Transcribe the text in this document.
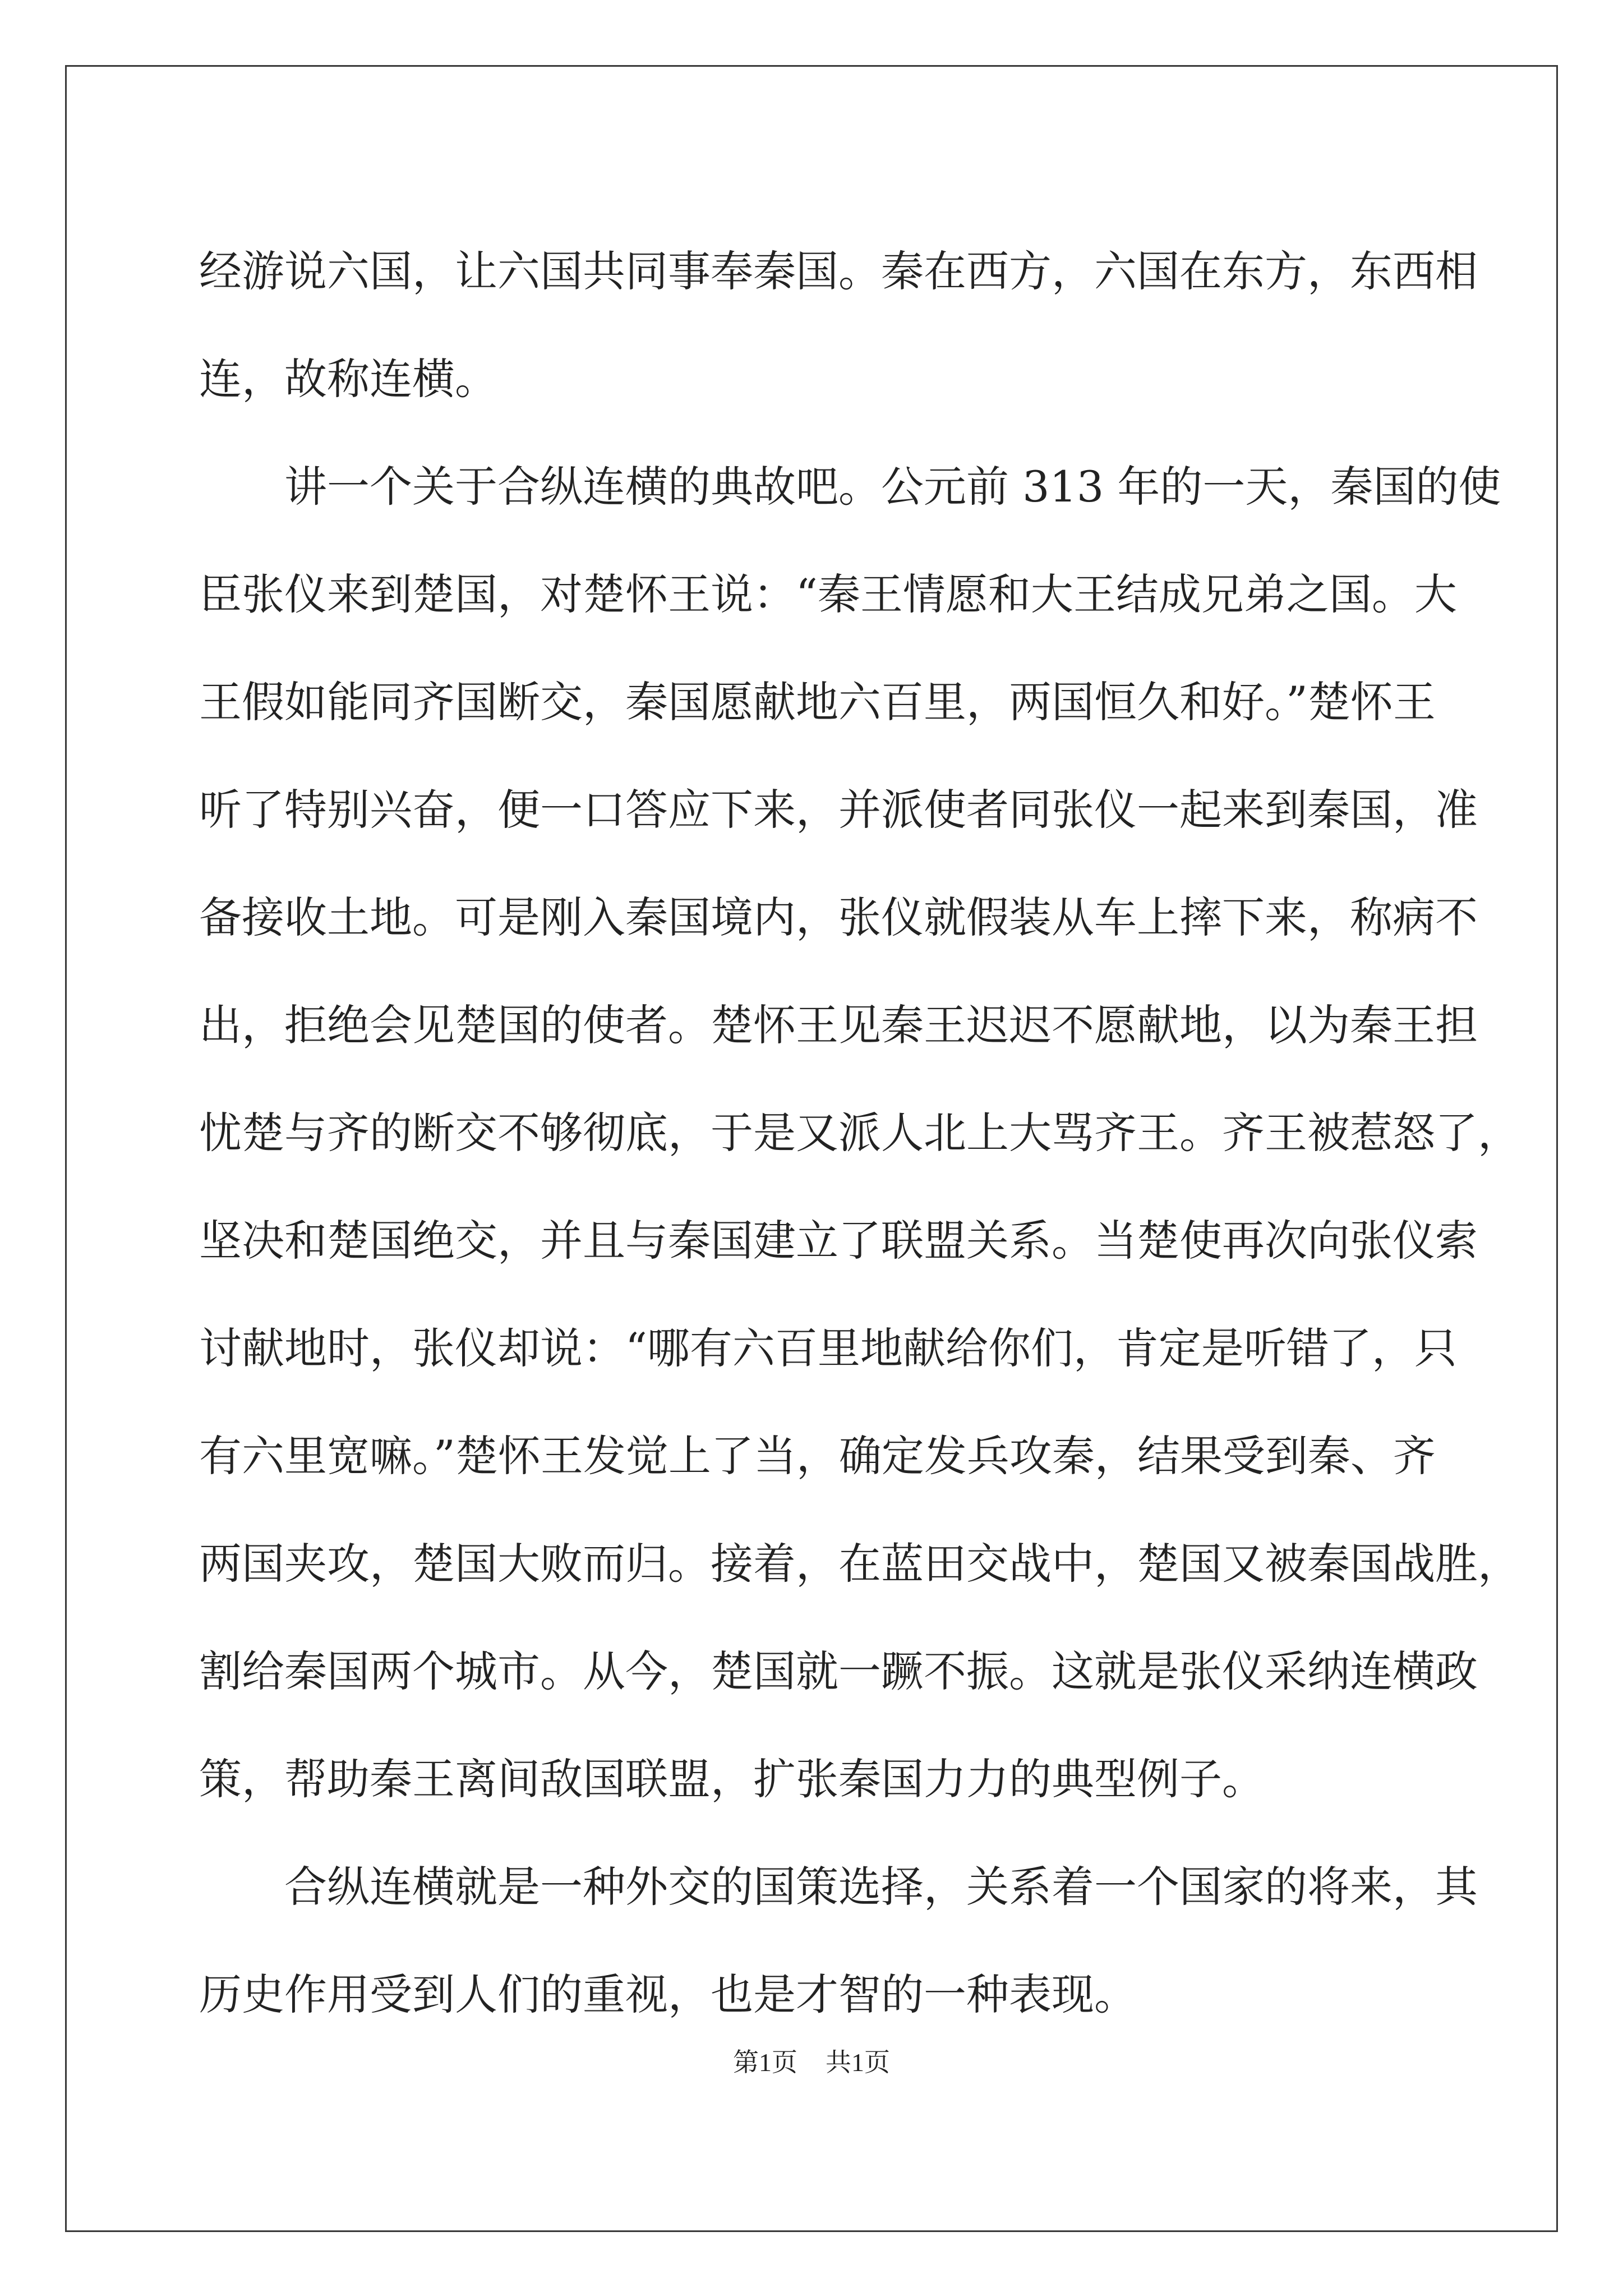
经游说六国，让六国共同事奉秦国。秦在西方，六国在东方，东西相
连，故称连横。
讲一个关于合纵连横的典故吧。公元前 313 年的一天，秦国的使
臣张仪来到楚国，对楚怀王说：“秦王情愿和大王结成兄弟之国。大
王假如能同齐国断交，秦国愿献地六百里，两国恒久和好。”楚怀王
听了特别兴奋，便一口答应下来，并派使者同张仪一起来到秦国，准
备接收土地。可是刚入秦国境内，张仪就假装从车上摔下来，称病不
出，拒绝会见楚国的使者。楚怀王见秦王迟迟不愿献地，以为秦王担
忧楚与齐的断交不够彻底，于是又派人北上大骂齐王。齐王被惹怒了，
坚决和楚国绝交，并且与秦国建立了联盟关系。当楚使再次向张仪索
讨献地时，张仪却说：“哪有六百里地献给你们，肯定是听错了，只
有六里宽嘛。”楚怀王发觉上了当，确定发兵攻秦，结果受到秦、齐
两国夹攻，楚国大败而归。接着，在蓝田交战中，楚国又被秦国战胜，
割给秦国两个城市。从今，楚国就一蹶不振。这就是张仪采纳连横政
策，帮助秦王离间敌国联盟，扩张秦国力力的典型例子。
合纵连横就是一种外交的国策选择，关系着一个国家的将来，其
历史作用受到人们的重视，也是才智的一种表现。
第1页 共1页
